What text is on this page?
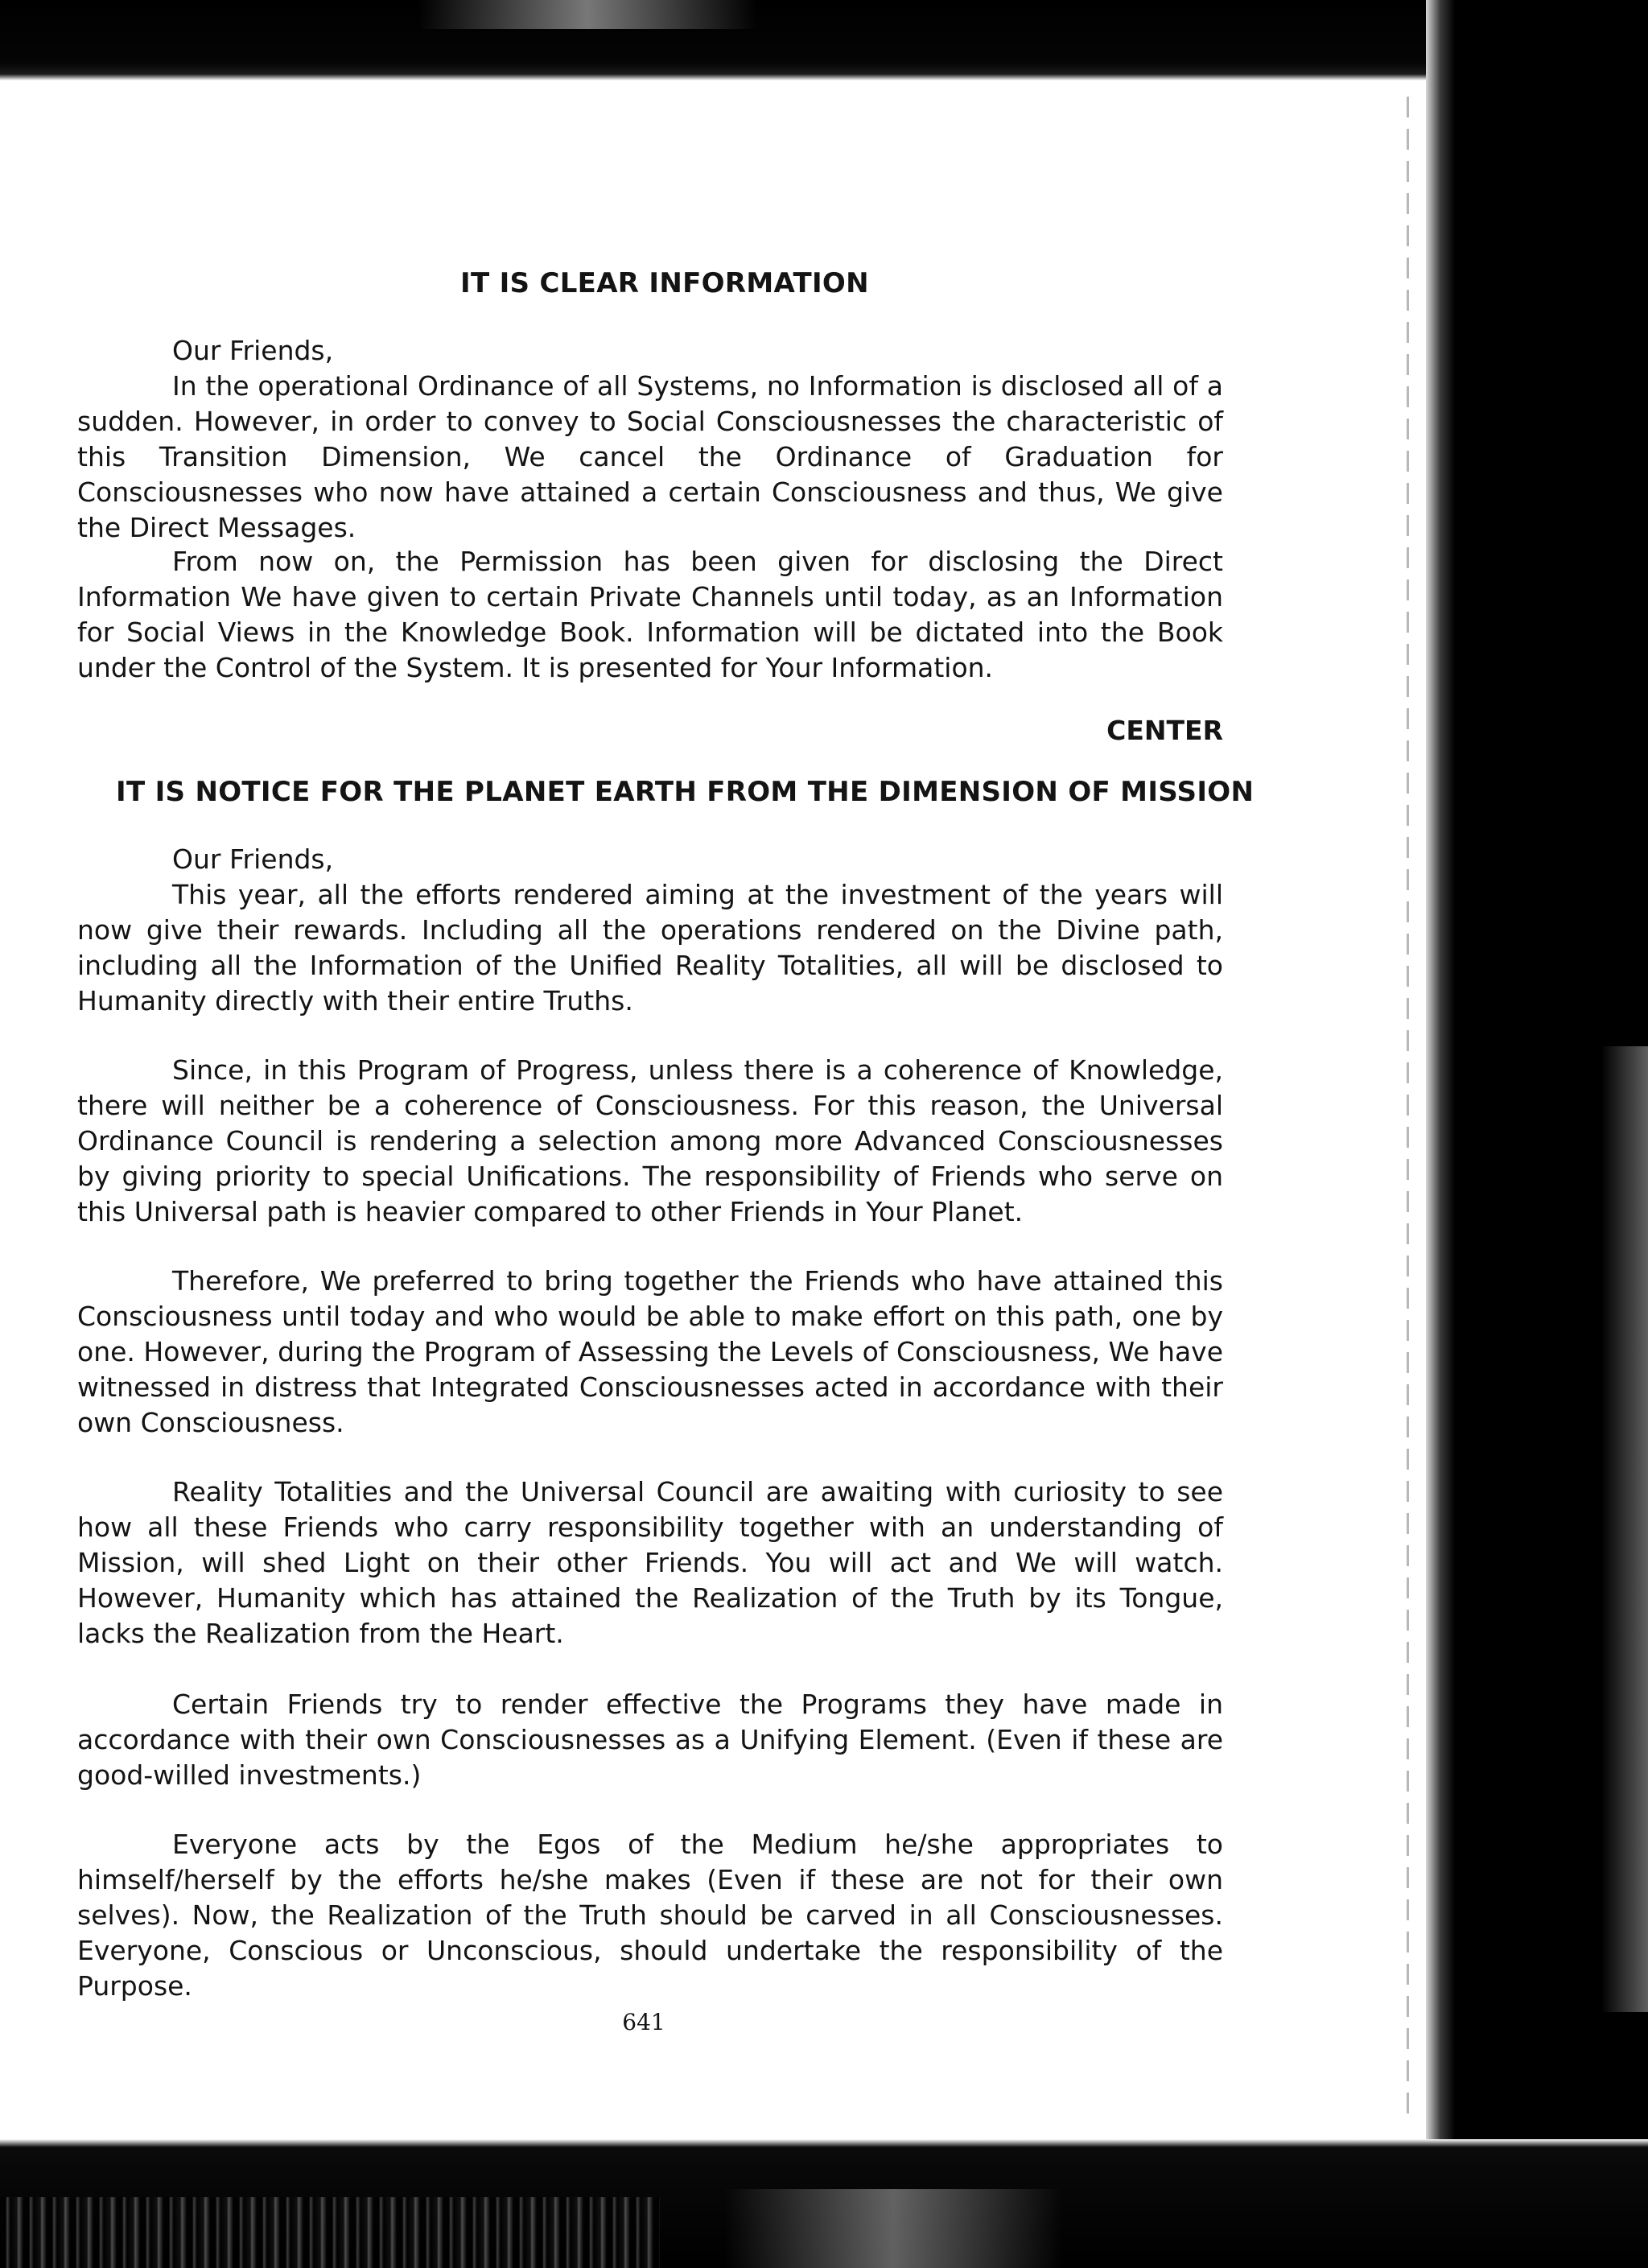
IT IS CLEAR INFORMATION

Our Friends,

In the operational Ordinance of all Systems, no Information is disclosed all of a sudden. However, in order to convey to Social Consciousnesses the characteristic of this Transition Dimension, We cancel the Ordinance of Graduation for Consciousnesses who now have attained a certain Consciousness and thus, We give the Direct Messages.

From now on, the Permission has been given for disclosing the Direct Information We have given to certain Private Channels until today, as an Information for Social Views in the Knowledge Book. Information will be dictated into the Book under the Control of the System. It is presented for Your Information.

CENTER

IT IS NOTICE FOR THE PLANET EARTH FROM THE DIMENSION OF MISSION

Our Friends,

This year, all the efforts rendered aiming at the investment of the years will now give their rewards. Including all the operations rendered on the Divine path, including all the Information of the Unified Reality Totalities, all will be disclosed to Humanity directly with their entire Truths.

Since, in this Program of Progress, unless there is a coherence of Knowledge, there will neither be a coherence of Consciousness. For this reason, the Universal Ordinance Council is rendering a selection among more Advanced Consciousnesses by giving priority to special Unifications. The responsibility of Friends who serve on this Universal path is heavier compared to other Friends in Your Planet.

Therefore, We preferred to bring together the Friends who have attained this Consciousness until today and who would be able to make effort on this path, one by one. However, during the Program of Assessing the Levels of Consciousness, We have witnessed in distress that Integrated Consciousnesses acted in accordance with their own Consciousness.

Reality Totalities and the Universal Council are awaiting with curiosity to see how all these Friends who carry responsibility together with an understanding of Mission, will shed Light on their other Friends. You will act and We will watch. However, Humanity which has attained the Realization of the Truth by its Tongue, lacks the Realization from the Heart.

Certain Friends try to render effective the Programs they have made in accordance with their own Consciousnesses as a Unifying Element. (Even if these are good-willed investments.)

Everyone acts by the Egos of the Medium he/she appropriates to himself/herself by the efforts he/she makes (Even if these are not for their own selves). Now, the Realization of the Truth should be carved in all Consciousnesses. Everyone, Conscious or Unconscious, should undertake the responsibility of the Purpose.

641
